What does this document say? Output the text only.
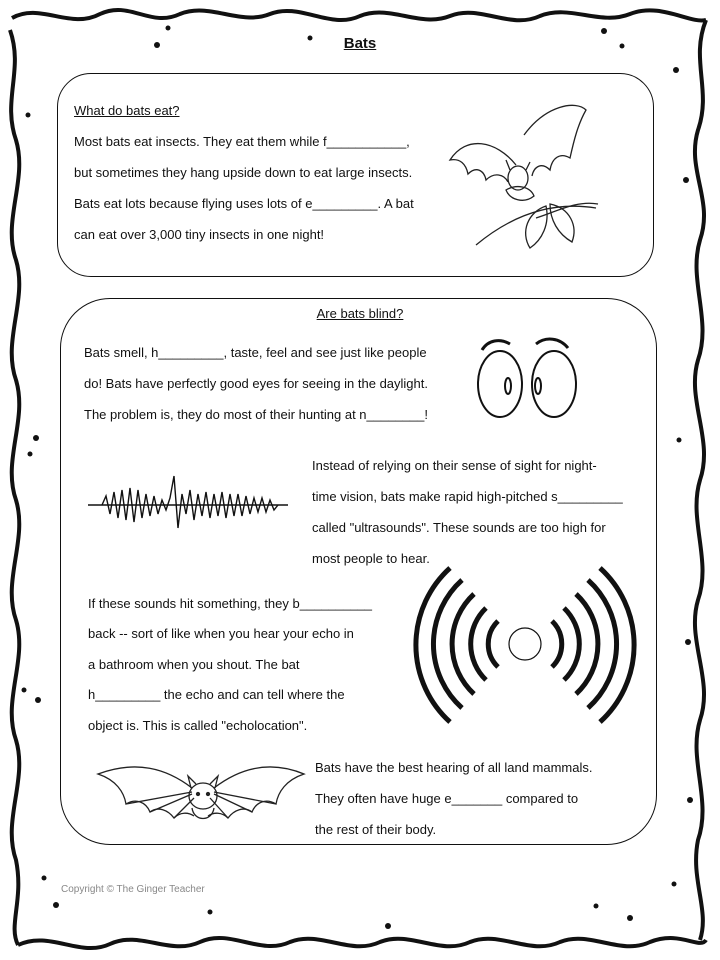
Bats
What do bats eat?
Most bats eat insects. They eat them while f___________,
but sometimes they hang upside down to eat large insects.
Bats eat lots because flying uses lots of e_________. A bat
can eat over 3,000 tiny insects in one night!
Are bats blind?
Bats smell, h_________, taste, feel and see just like people
do! Bats have perfectly good eyes for seeing in the daylight.
The problem is, they do most of their hunting at n________!
Instead of relying on their sense of sight for night-
time vision, bats make rapid high-pitched s_________
called "ultrasounds". These sounds are too high for
most people to hear.
If these sounds hit something, they b__________
back -- sort of like when you hear your echo in
a bathroom when you shout. The bat
h_________ the echo and can tell where the
object is. This is called "echolocation".
Bats have the best hearing of all land mammals.
They often have huge e_______ compared to
the rest of their body.
Copyright © The Ginger Teacher
